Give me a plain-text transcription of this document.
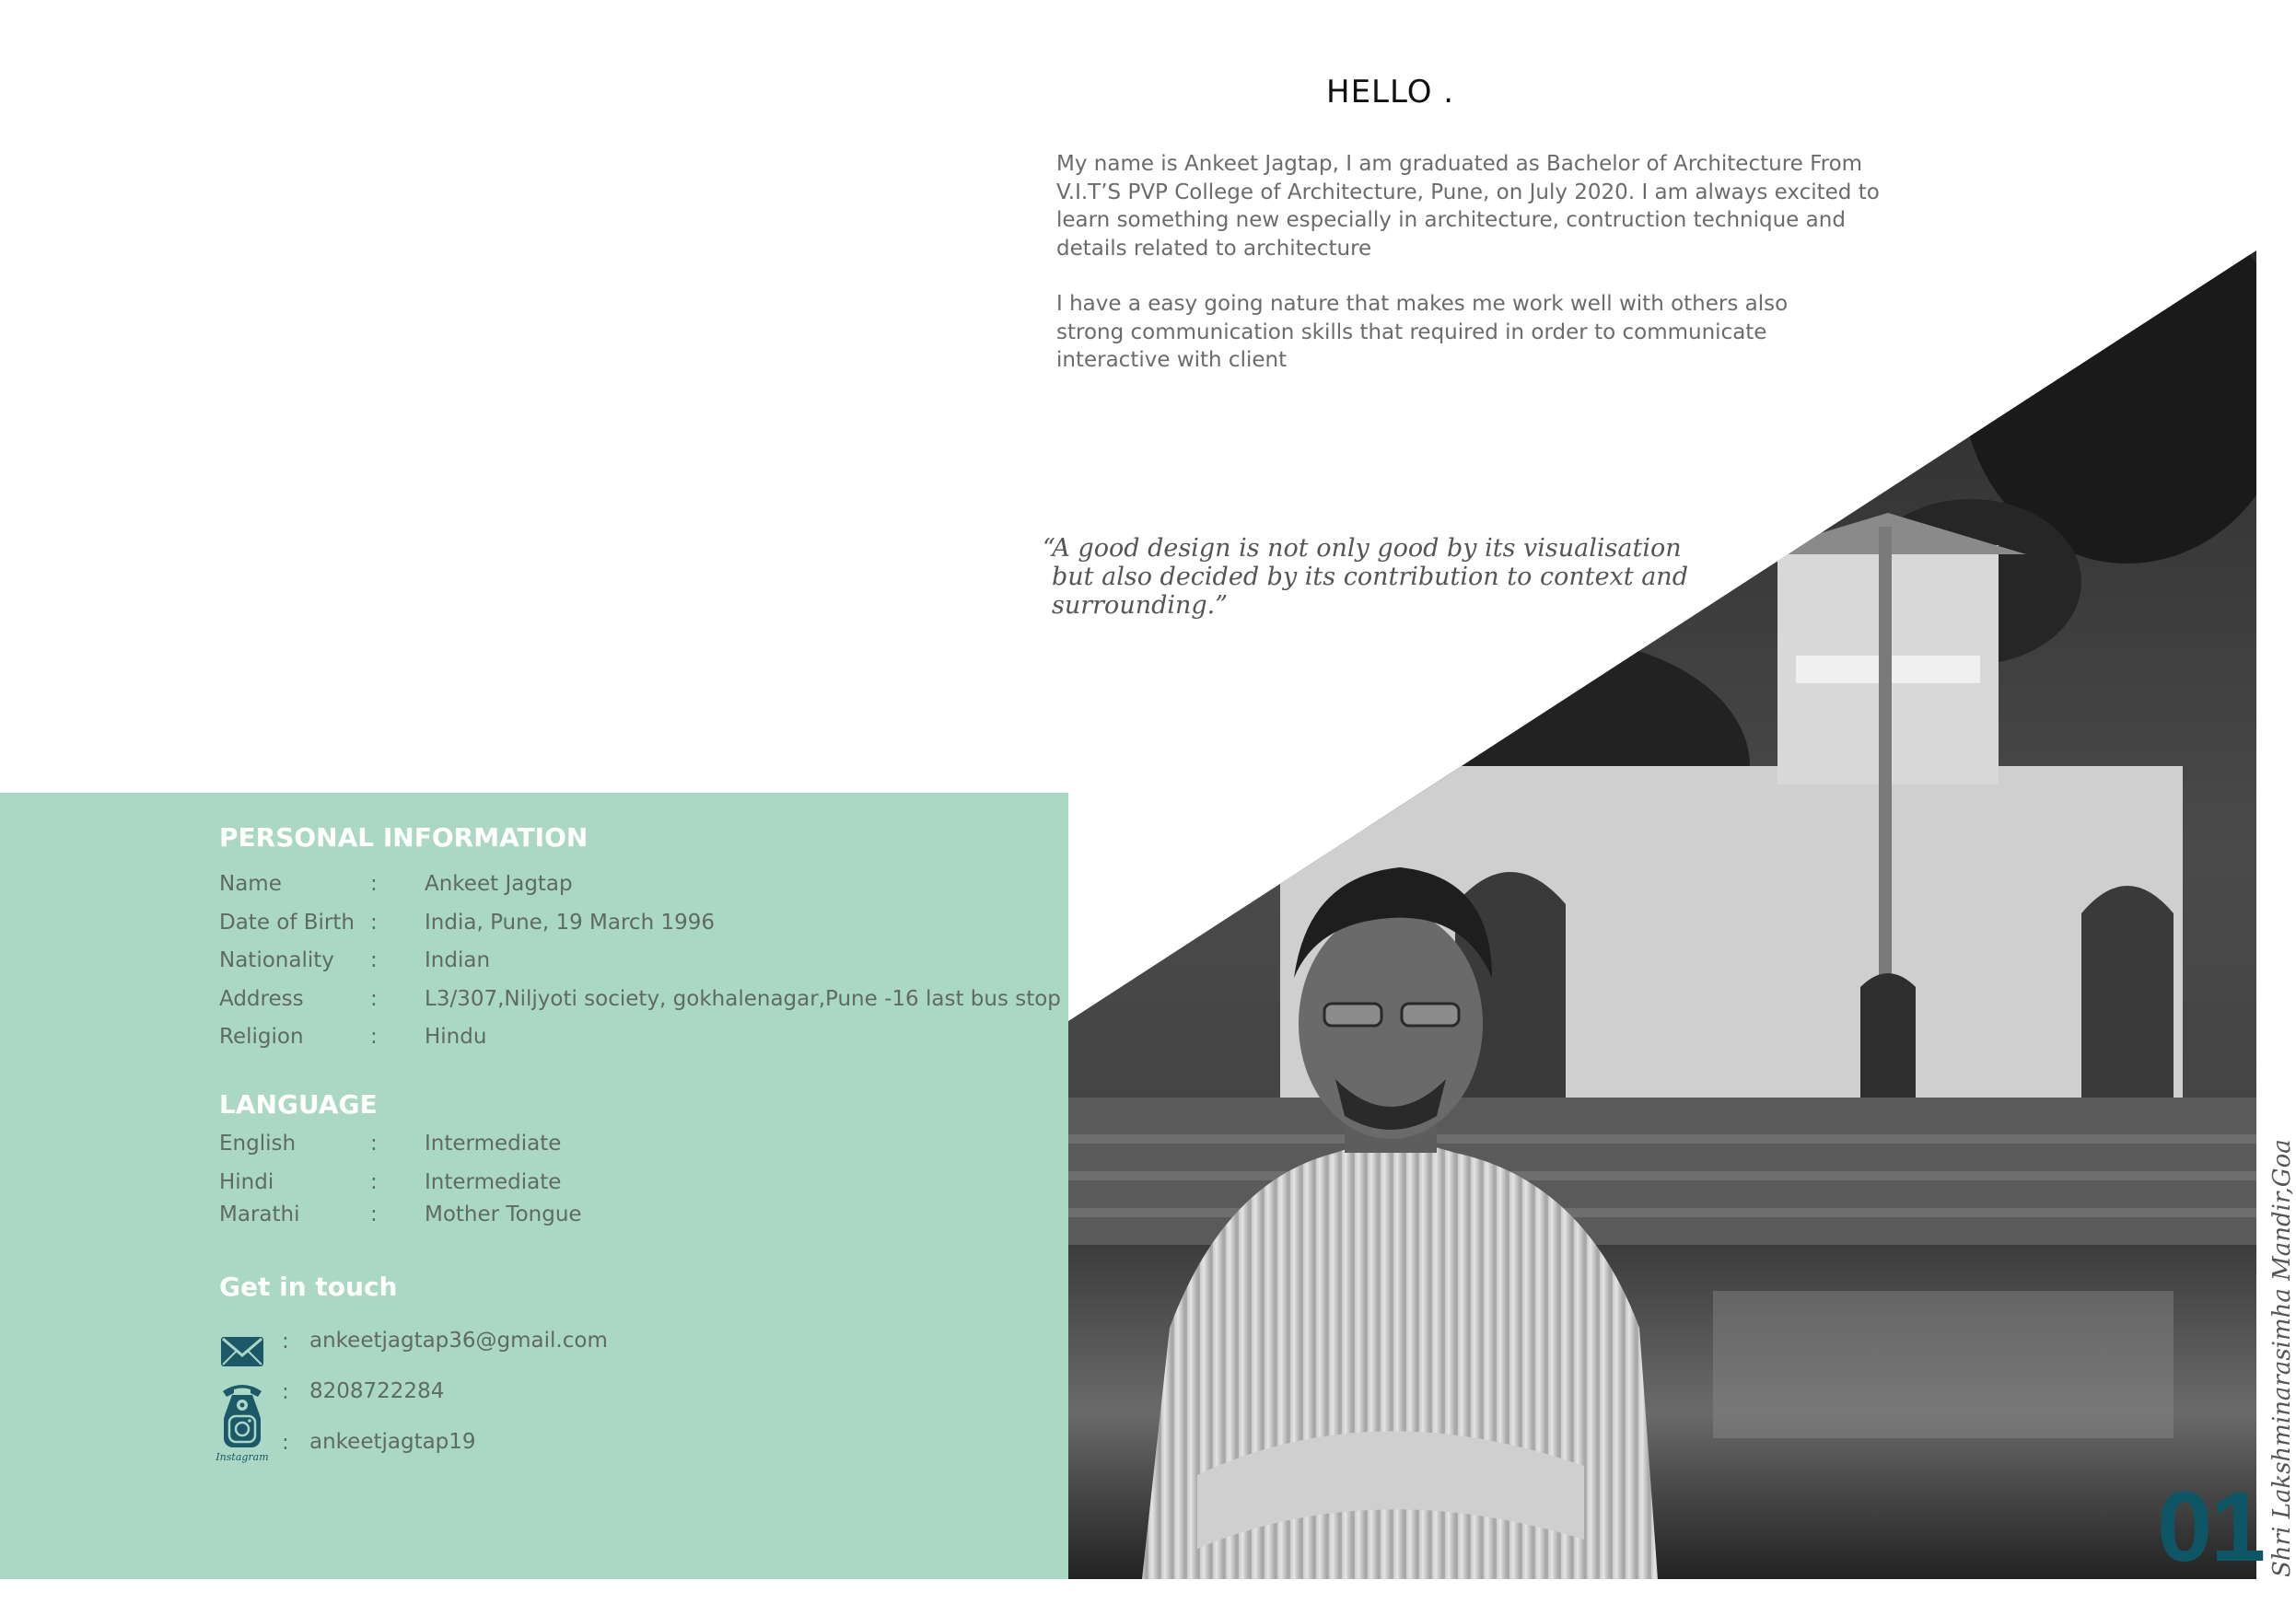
HELLO .
My name is Ankeet Jagtap, I am graduated as Bachelor of Architecture From
V.I.T’S PVP College of Architecture, Pune, on July 2020. I am always excited to
learn something new especially in architecture, contruction technique and
details related to architecture
I have a easy going nature that makes me work well with others also
strong communication skills that required in order to communicate
interactive with client
“A good design is not only good by its visualisation
but also decided by its contribution to context and
surrounding.”
PERSONAL INFORMATION
Name	: Ankeet Jagtap
Date of Birth : India, Pune, 19 March 1996
Nationality : Indian
Address	: L3/307,Niljyoti society, gokhalenagar,Pune -16 last bus stop
Religion	: Hindu
LANGUAGE
English	: Intermediate
Hindi	: Intermediate
Marathi	: Mother Tongue
Get in touch
: ankeetjagtap36@gmail.com
: 8208722284
Instagram
: ankeetjagtap19
01 Shri Lakshminarasimha Mandir,Goa
